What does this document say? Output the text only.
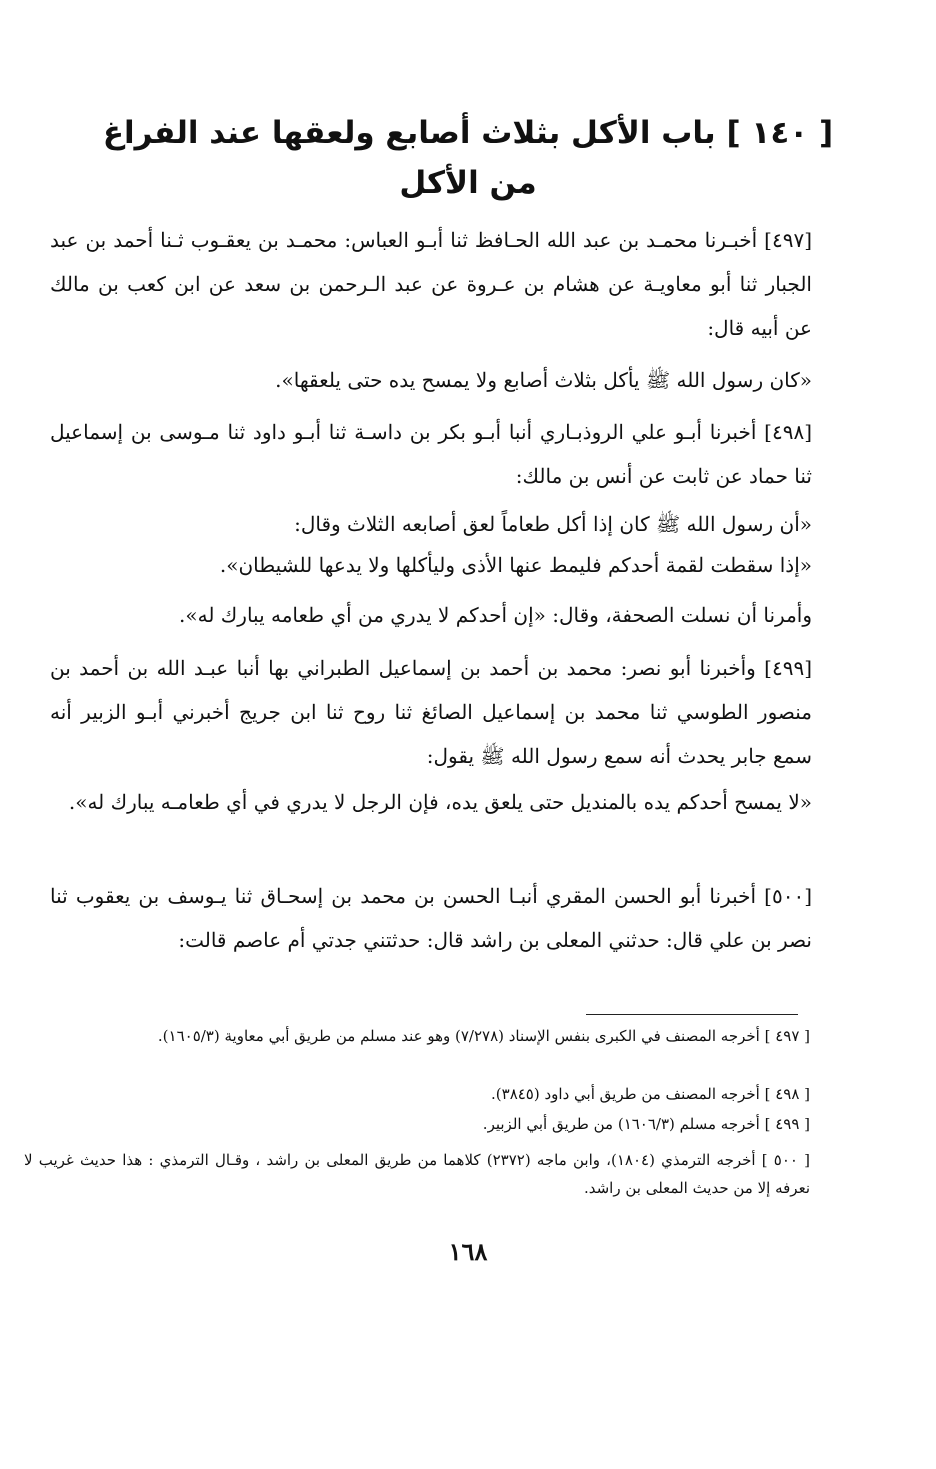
[ ١٤٠ ] باب الأكل بثلاث أصابع ولعقها عند الفراغ
من الأكل

[٤٩٧] أخبـرنا محمـد بن عبد الله الحـافظ ثنا أبـو العباس: محمـد بن يعقـوب ثـنا أحمد بن عبد الجبار ثنا أبو معاويـة عن هشام بن عـروة عن عبد الـرحمن بن سعد عن ابن كعب بن مالك عن أبيه قال:

«كان رسول الله ﷺ يأكل بثلاث أصابع ولا يمسح يده حتى يلعقها».

[٤٩٨] أخبرنا أبـو علي الروذبـاري أنبا أبـو بكر بن داسـة ثنا أبـو داود ثنا مـوسى بن إسماعيل ثنا حماد عن ثابت عن أنس بن مالك:

«أن رسول الله ﷺ كان إذا أكل طعاماً لعق أصابعه الثلاث وقال:
«إذا سقطت لقمة أحدكم فليمط عنها الأذى وليأكلها ولا يدعها للشيطان».
وأمرنا أن نسلت الصحفة، وقال: «إن أحدكم لا يدري من أي طعامه يبارك له».

[٤٩٩] وأخبرنا أبو نصر: محمد بن أحمد بن إسماعيل الطبراني بها أنبا عبـد الله بن أحمد بن منصور الطوسي ثنا محمد بن إسماعيل الصائغ ثنا روح ثنا ابن جريج أخبرني أبـو الزبير أنه سمع جابر يحدث أنه سمع رسول الله ﷺ يقول:

«لا يمسح أحدكم يده بالمنديل حتى يلعق يده، فإن الرجل لا يدري في أي طعامـه يبارك له».

[٥٠٠] أخبرنا أبو الحسن المقري أنبـا الحسن بن محمد بن إسحـاق ثنا يـوسف بن يعقوب ثنا نصر بن علي قال: حدثني المعلى بن راشد قال: حدثتني جدتي أم عاصم قالت:

[ ٤٩٧ ] أخرجه المصنف في الكبرى بنفس الإسناد (٧/٢٧٨) وهو عند مسلم من طريق أبي معاوية (١٦٠٥/٣).

[ ٤٩٨ ] أخرجه المصنف من طريق أبي داود (٣٨٤٥).

[ ٤٩٩ ] أخرجه مسلم (١٦٠٦/٣) من طريق أبي الزبير.

[ ٥٠٠ ] أخرجه الترمذي (١٨٠٤)، وابن ماجه (٢٣٧٢) كلاهما من طريق المعلى بن راشد ، وقـال الترمذي : هذا حديث غريب لا نعرفه إلا من حديث المعلى بن راشد.

١٦٨
